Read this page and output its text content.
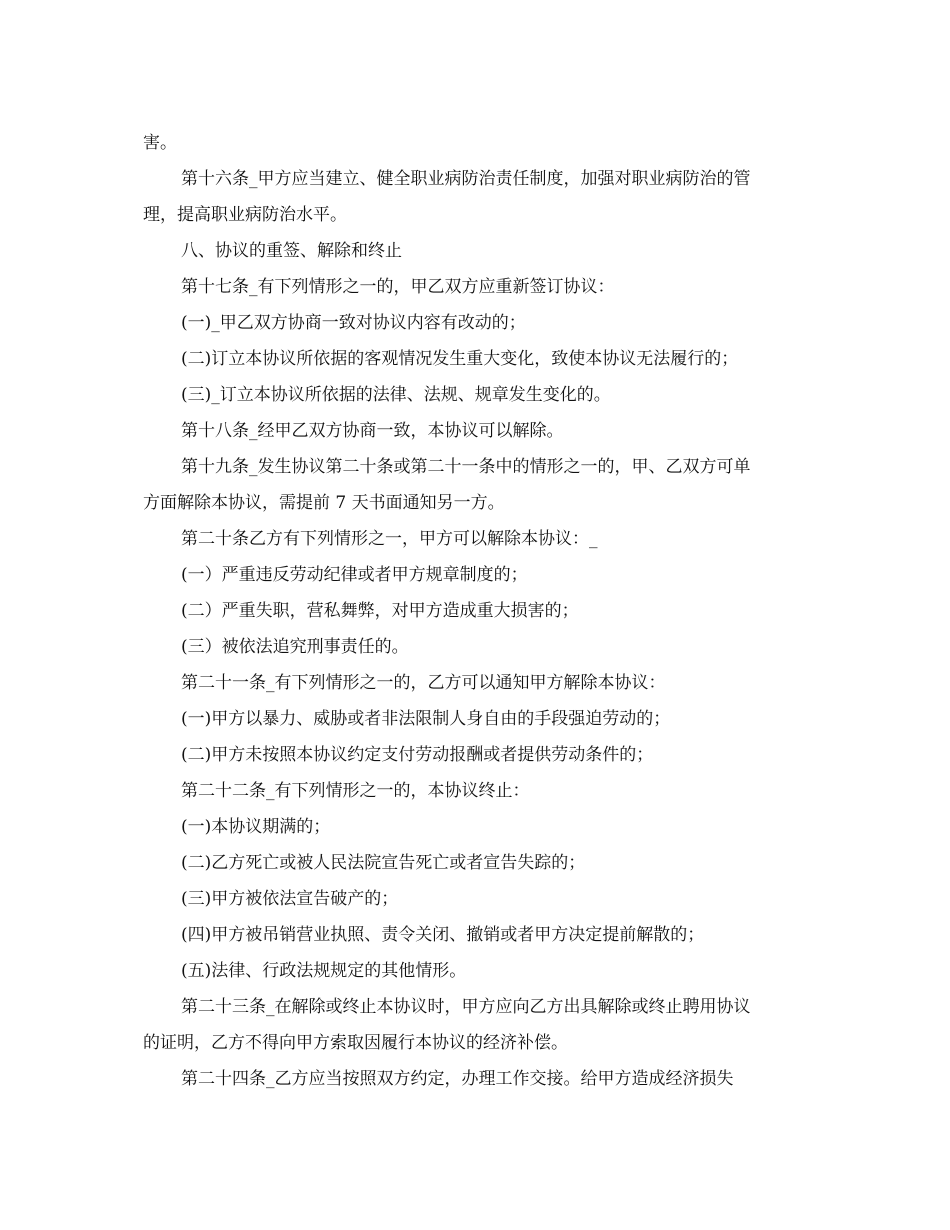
害。
第十六条_甲方应当建立、健全职业病防治责任制度，加强对职业病防治的管
理，提高职业病防治水平。
八、协议的重签、解除和终止
第十七条_有下列情形之一的，甲乙双方应重新签订协议：
(一)_甲乙双方协商一致对协议内容有改动的；
(二)订立本协议所依据的客观情况发生重大变化，致使本协议无法履行的；
(三)_订立本协议所依据的法律、法规、规章发生变化的。
第十八条_经甲乙双方协商一致，本协议可以解除。
第十九条_发生协议第二十条或第二十一条中的情形之一的，甲、乙双方可单
方面解除本协议，需提前 7 天书面通知另一方。
第二十条乙方有下列情形之一，甲方可以解除本协议：_
(一）严重违反劳动纪律或者甲方规章制度的；
(二）严重失职，营私舞弊，对甲方造成重大损害的；
(三）被依法追究刑事责任的。
第二十一条_有下列情形之一的，乙方可以通知甲方解除本协议：
(一)甲方以暴力、威胁或者非法限制人身自由的手段强迫劳动的；
(二)甲方未按照本协议约定支付劳动报酬或者提供劳动条件的；
第二十二条_有下列情形之一的，本协议终止：
(一)本协议期满的；
(二)乙方死亡或被人民法院宣告死亡或者宣告失踪的；
(三)甲方被依法宣告破产的；
(四)甲方被吊销营业执照、责令关闭、撤销或者甲方决定提前解散的；
(五)法律、行政法规规定的其他情形。
第二十三条_在解除或终止本协议时，甲方应向乙方出具解除或终止聘用协议
的证明，乙方不得向甲方索取因履行本协议的经济补偿。
第二十四条_乙方应当按照双方约定，办理工作交接。给甲方造成经济损失
